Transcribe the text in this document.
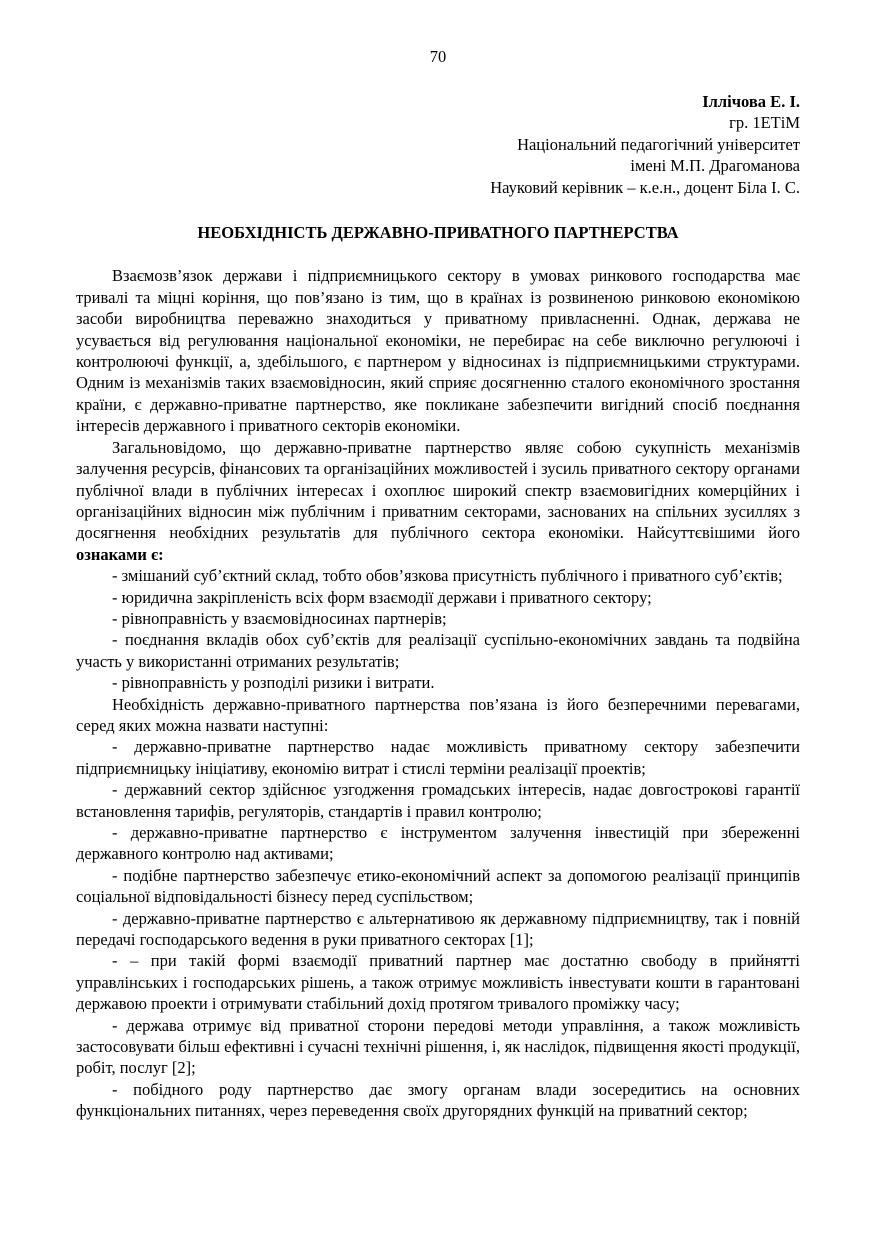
70
Іллічова Е. І.
гр. 1ЕТіМ
Національний педагогічний університет
імені М.П. Драгоманова
Науковий керівник – к.е.н., доцент Біла І. С.
НЕОБХІДНІСТЬ ДЕРЖАВНО-ПРИВАТНОГО ПАРТНЕРСТВА

Взаємозв’язок держави і підприємницького сектору в умовах ринкового господарства має тривалі та міцні коріння, що пов’язано із тим, що в країнах із розвиненою ринковою економікою засоби виробництва переважно знаходиться у приватному привласненні. Однак, держава не усувається від регулювання національної економіки, не перебирає на себе виключно регулюючі і контролюючі функції, а, здебільшого, є партнером у відносинах із підприємницькими структурами. Одним із механізмів таких взаємовідносин, який сприяє досягненню сталого економічного зростання країни, є державно-приватне партнерство, яке покликане забезпечити вигідний спосіб поєднання інтересів державного і приватного секторів економіки.

Загальновідомо, що державно-приватне партнерство являє собою сукупність механізмів залучення ресурсів, фінансових та організаційних можливостей і зусиль приватного сектору органами публічної влади в публічних інтересах і охоплює широкий спектр взаємовигідних комерційних і організаційних відносин між публічним і приватним секторами, заснованих на спільних зусиллях з досягнення необхідних результатів для публічного сектора економіки. Найсуттєвішими його ознаками є:

- змішаний суб’єктний склад, тобто обов’язкова присутність публічного і приватного суб’єктів;

- юридична закріпленість всіх форм взаємодії держави і приватного сектору;

- рівноправність у взаємовідносинах партнерів;

- поєднання вкладів обох суб’єктів для реалізації суспільно-економічних завдань та подвійна участь у використанні отриманих результатів;

- рівноправність у розподілі ризики і витрати.

Необхідність державно-приватного партнерства пов’язана із його безперечними перевагами, серед яких можна назвати наступні:

- державно-приватне партнерство надає можливість приватному сектору забезпечити підприємницьку ініціативу, економію витрат і стислі терміни реалізації проектів;

- державний сектор здійснює узгодження громадських інтересів, надає довгострокові гарантії встановлення тарифів, регуляторів, стандартів і правил контролю;

- державно-приватне партнерство є інструментом залучення інвестицій при збереженні державного контролю над активами;

- подібне партнерство забезпечує етико-економічний аспект за допомогою реалізації принципів соціальної відповідальності бізнесу перед суспільством;

- державно-приватне партнерство є альтернативою як державному підприємництву, так і повній передачі господарського ведення в руки приватного секторах [1];

- – при такій формі взаємодії приватний партнер має достатню свободу в прийнятті управлінських і господарських рішень, а також отримує можливість інвестувати кошти в гарантовані державою проекти і отримувати стабільний дохід протягом тривалого проміжку часу;

- держава отримує від приватної сторони передові методи управління, а також можливість застосовувати більш ефективні і сучасні технічні рішення, і, як наслідок, підвищення якості продукції, робіт, послуг [2];

- побідного роду партнерство дає змогу органам влади зосередитись на основних функціональних питаннях, через переведення своїх другорядних функцій на приватний сектор;
